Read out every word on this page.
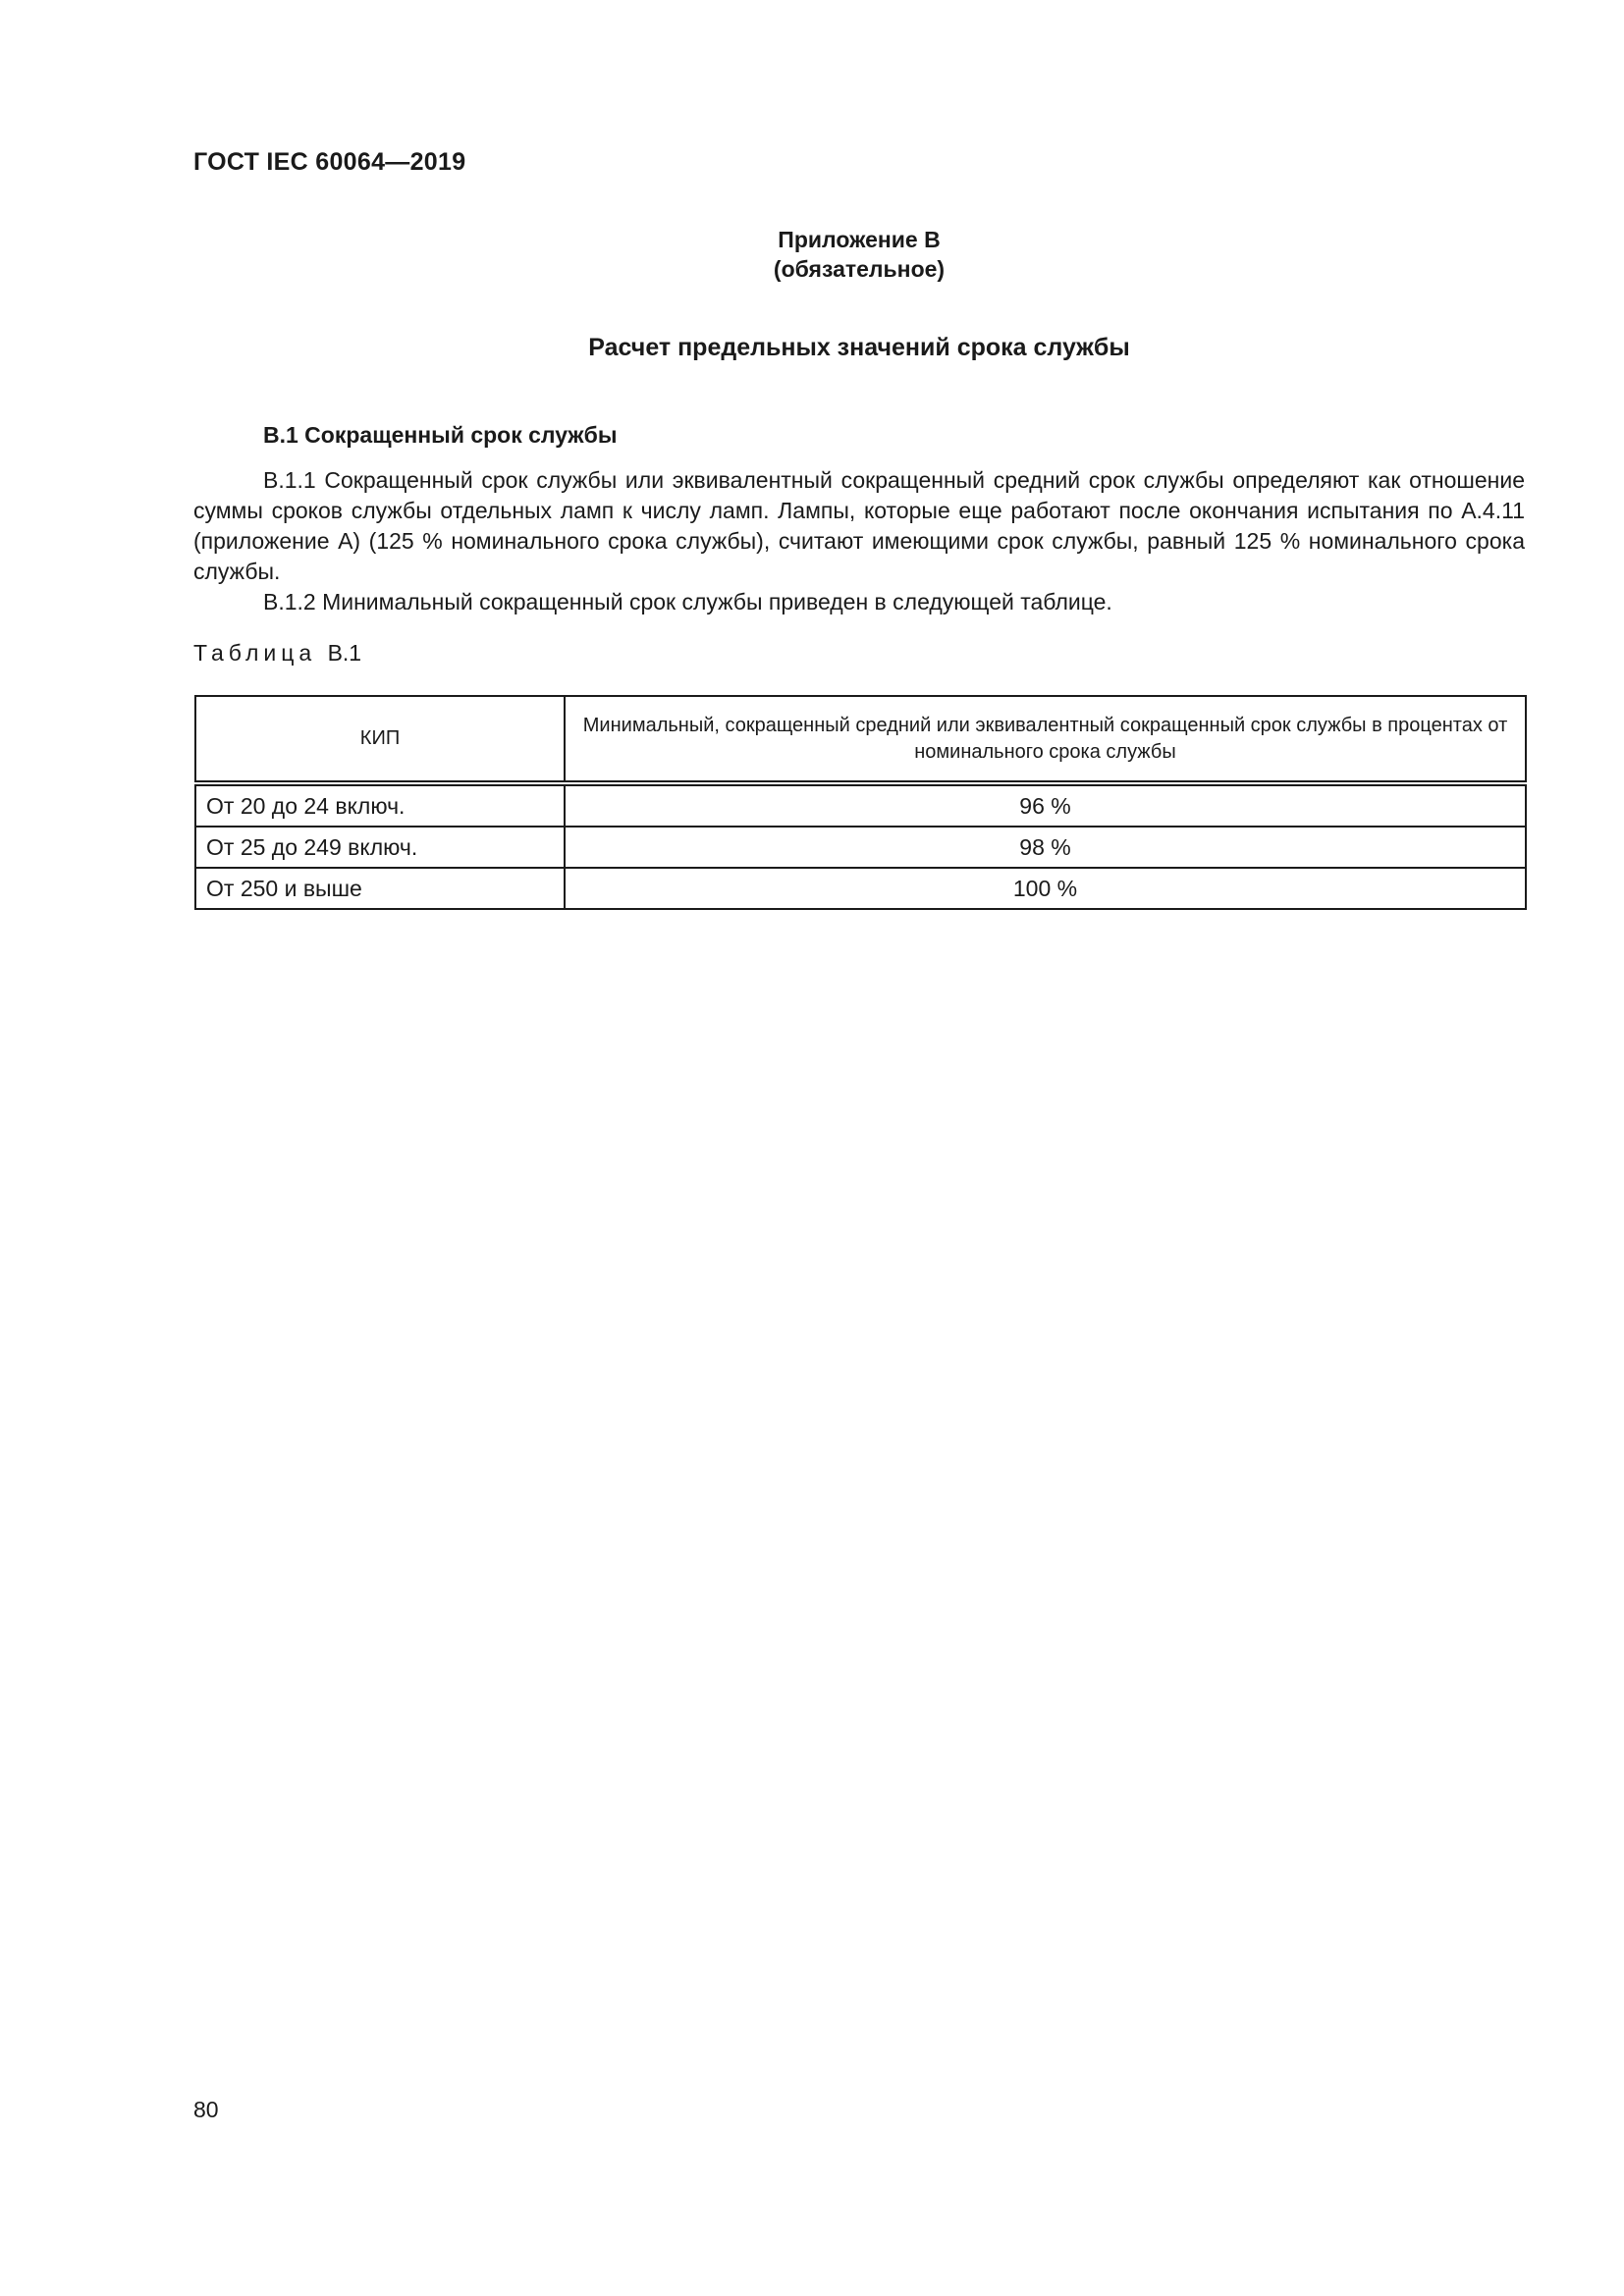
ГОСТ IEC 60064—2019
Приложение B
(обязательное)
Расчет предельных значений срока службы
B.1 Сокращенный срок службы

B.1.1 Сокращенный срок службы или эквивалентный сокращенный средний срок службы определяют как отношение суммы сроков службы отдельных ламп к числу ламп. Лампы, которые еще работают после окончания испытания по A.4.11 (приложение A) (125 % номинального срока службы), считают имеющими срок службы, равный 125 % номинального срока службы.

B.1.2 Минимальный сокращенный срок службы приведен в следующей таблице.

Таблица B.1
КИП	Минимальный, сокращенный средний или эквивалентный сокращенный срок службы в процентах от номинального срока службы
От 20 до 24 включ.	96 %
От 25 до 249 включ.	98 %
От 250 и выше	100 %
80
